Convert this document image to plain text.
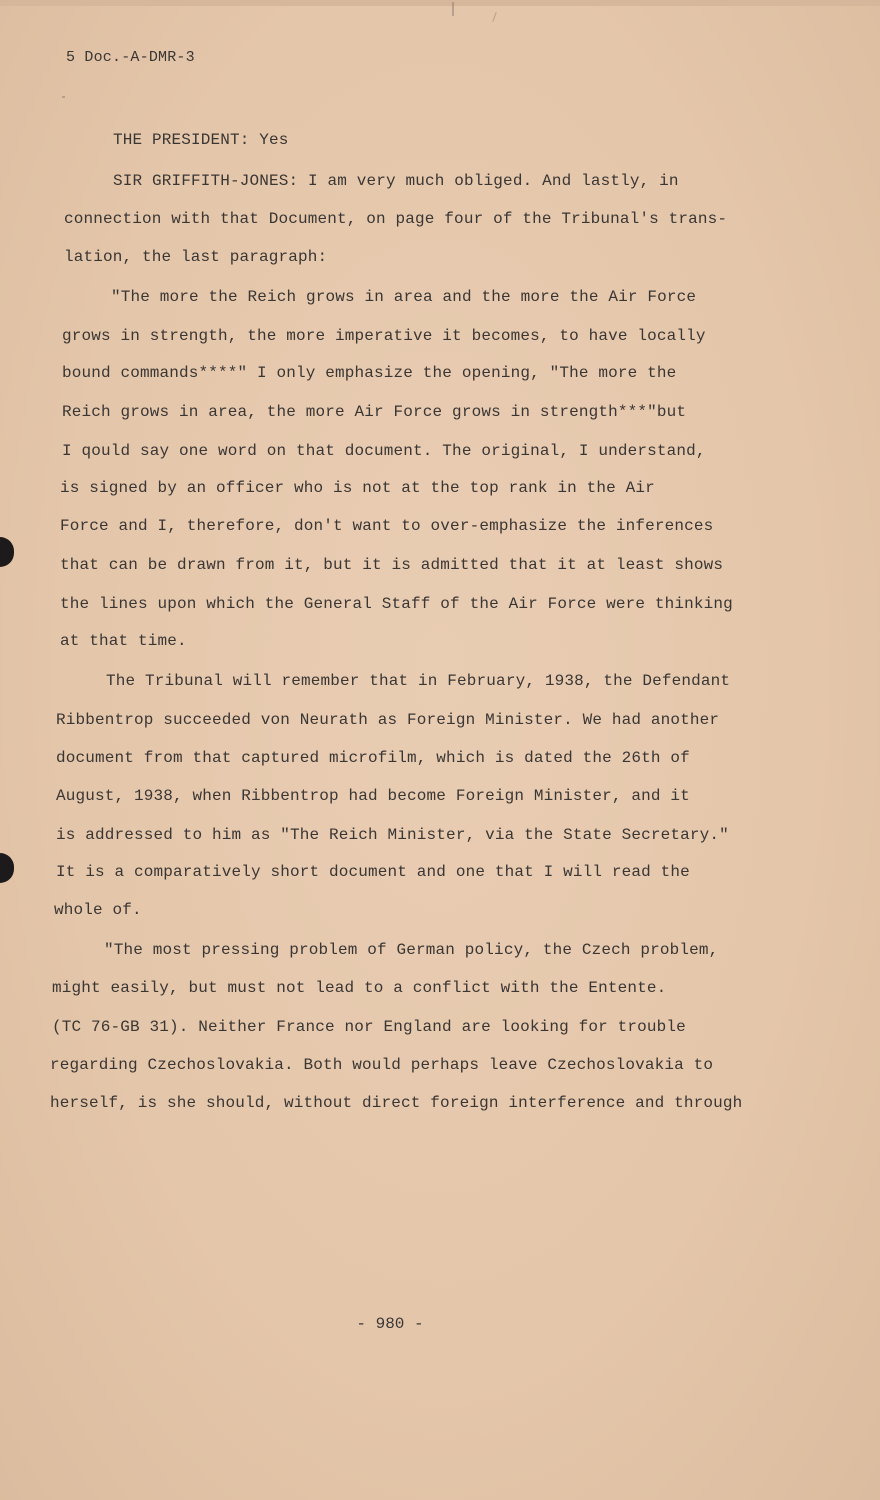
5 Doc.-A-DMR-3
THE PRESIDENT: Yes
SIR GRIFFITH-JONES: I am very much obliged. And lastly, in
connection with that Document, on page four of the Tribunal's trans-
lation, the last paragraph:
"The more the Reich grows in area and the more the Air Force
grows in strength, the more imperative it becomes, to have locally
bound commands****" I only emphasize the opening, "The more the
Reich grows in area, the more Air Force grows in strength***"but
I qould say one word on that document. The original, I understand,
is signed by an officer who is not at the top rank in the Air
Force and I, therefore, don't want to over-emphasize the inferences
that can be drawn from it, but it is admitted that it at least shows
the lines upon which the General Staff of the Air Force were thinking
at that time.
The Tribunal will remember that in February, 1938, the Defendant
Ribbentrop succeeded von Neurath as Foreign Minister. We had another
document from that captured microfilm, which is dated the 26th of
August, 1938, when Ribbentrop had become Foreign Minister, and it
is addressed to him as "The Reich Minister, via the State Secretary."
It is a comparatively short document and one that I will read the
whole of.
"The most pressing problem of German policy, the Czech problem,
might easily, but must not lead to a conflict with the Entente.
(TC 76-GB 31). Neither France nor England are looking for trouble
regarding Czechoslovakia. Both would perhaps leave Czechoslovakia to
herself, is she should, without direct foreign interference and through
- 980 -
